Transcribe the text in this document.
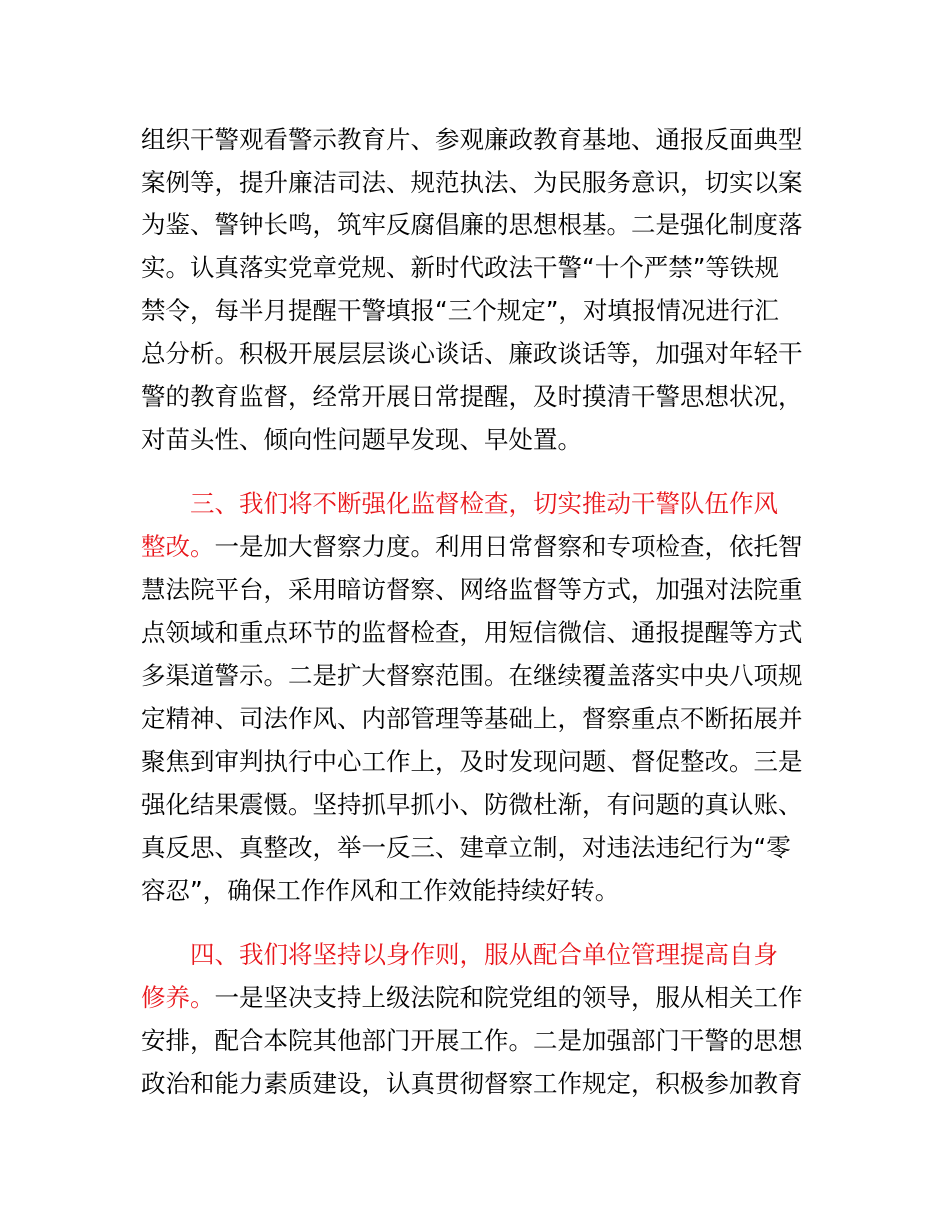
组织干警观看警示教育片、参观廉政教育基地、通报反面典型

案例等，提升廉洁司法、规范执法、为民服务意识，切实以案

为鉴、警钟长鸣，筑牢反腐倡廉的思想根基。二是强化制度落

实。认真落实党章党规、新时代政法干警“十个严禁”等铁规

禁令，每半月提醒干警填报“三个规定”，对填报情况进行汇

总分析。积极开展层层谈心谈话、廉政谈话等，加强对年轻干

警的教育监督，经常开展日常提醒，及时摸清干警思想状况，

对苗头性、倾向性问题早发现、早处置。

三、我们将不断强化监督检查，切实推动干警队伍作风

整改。一是加大督察力度。利用日常督察和专项检查，依托智

慧法院平台，采用暗访督察、网络监督等方式，加强对法院重

点领域和重点环节的监督检查，用短信微信、通报提醒等方式

多渠道警示。二是扩大督察范围。在继续覆盖落实中央八项规

定精神、司法作风、内部管理等基础上，督察重点不断拓展并

聚焦到审判执行中心工作上，及时发现问题、督促整改。三是

强化结果震慑。坚持抓早抓小、防微杜渐，有问题的真认账、

真反思、真整改，举一反三、建章立制，对违法违纪行为“零

容忍”，确保工作作风和工作效能持续好转。

四、我们将坚持以身作则，服从配合单位管理提高自身

修养。一是坚决支持上级法院和院党组的领导，服从相关工作

安排，配合本院其他部门开展工作。二是加强部门干警的思想

政治和能力素质建设，认真贯彻督察工作规定，积极参加教育
